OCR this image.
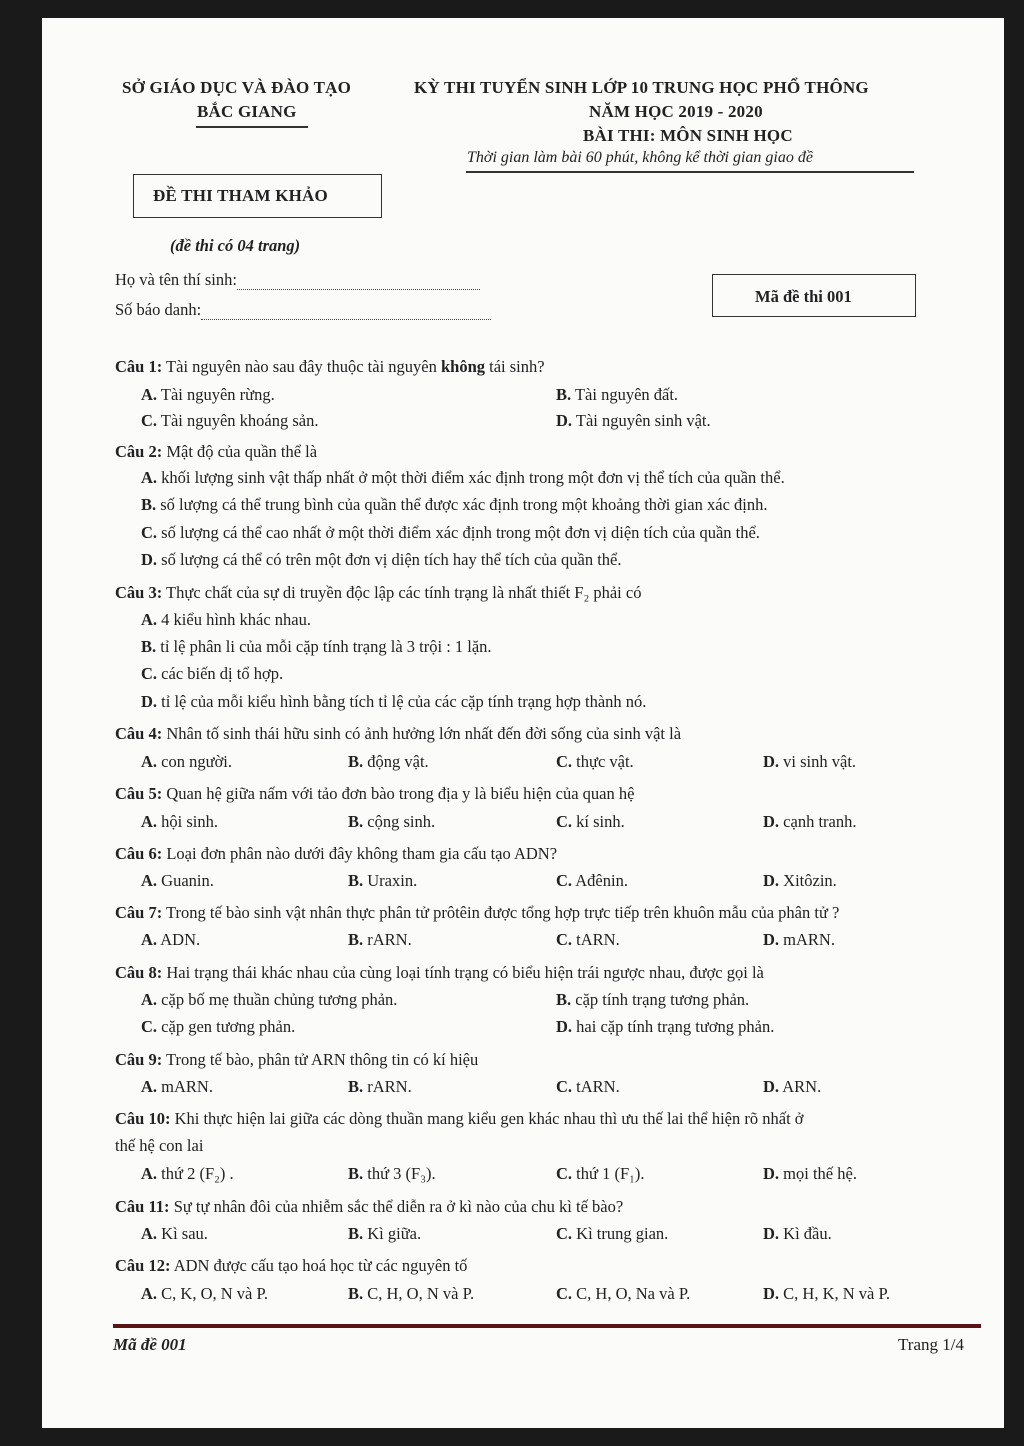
SỞ GIÁO DỤC VÀ ĐÀO TẠO
BẮC GIANG
KỲ THI TUYỂN SINH LỚP 10 TRUNG HỌC PHỔ THÔNG
NĂM HỌC 2019 - 2020
BÀI THI: MÔN SINH HỌC
Thời gian làm bài 60 phút, không kể thời gian giao đề
ĐỀ THI THAM KHẢO
(đề thi có 04 trang)
Họ và tên thí sinh:
Số báo danh:
Mã đề thi 001
Câu 1: Tài nguyên nào sau đây thuộc tài nguyên không tái sinh?
A. Tài nguyên rừng.	B. Tài nguyên đất.
C. Tài nguyên khoáng sản.	D. Tài nguyên sinh vật.
Câu 2: Mật độ của quần thể là
A. khối lượng sinh vật thấp nhất ở một thời điểm xác định trong một đơn vị thể tích của quần thể.
B. số lượng cá thể trung bình của quần thể được xác định trong một khoảng thời gian xác định.
C. số lượng cá thể cao nhất ở một thời điểm xác định trong một đơn vị diện tích của quần thể.
D. số lượng cá thể có trên một đơn vị diện tích hay thể tích của quần thể.
Câu 3: Thực chất của sự di truyền độc lập các tính trạng là nhất thiết F₂ phải có
A. 4 kiểu hình khác nhau.
B. tỉ lệ phân li của mỗi cặp tính trạng là 3 trội : 1 lặn.
C. các biến dị tổ hợp.
D. tỉ lệ của mỗi kiểu hình bằng tích tỉ lệ của các cặp tính trạng hợp thành nó.
Câu 4: Nhân tố sinh thái hữu sinh có ảnh hưởng lớn nhất đến đời sống của sinh vật là
A. con người.	B. động vật.	C. thực vật.	D. vi sinh vật.
Câu 5: Quan hệ giữa nấm với tảo đơn bào trong địa y là biểu hiện của quan hệ
A. hội sinh.	B. cộng sinh.	C. kí sinh.	D. cạnh tranh.
Câu 6: Loại đơn phân nào dưới đây không tham gia cấu tạo ADN?
A. Guanin.	B. Uraxin.	C. Ađênin.	D. Xitôzin.
Câu 7: Trong tế bào sinh vật nhân thực phân tử prôtêin được tổng hợp trực tiếp trên khuôn mẫu của phân tử ?
A. ADN.	B. rARN.	C. tARN.	D. mARN.
Câu 8: Hai trạng thái khác nhau của cùng loại tính trạng có biểu hiện trái ngược nhau, được gọi là
A. cặp bố mẹ thuần chủng tương phản.	B. cặp tính trạng tương phản.
C. cặp gen tương phản.	D. hai cặp tính trạng tương phản.
Câu 9: Trong tế bào, phân tử ARN thông tin có kí hiệu
A. mARN.	B. rARN.	C. tARN.	D. ARN.
Câu 10: Khi thực hiện lai giữa các dòng thuần mang kiểu gen khác nhau thì ưu thế lai thể hiện rõ nhất ở
thế hệ con lai
A. thứ 2 (F₂) .	B. thứ 3 (F₃).	C. thứ 1 (F₁).	D. mọi thế hệ.
Câu 11: Sự tự nhân đôi của nhiễm sắc thể diễn ra ở kì nào của chu kì tế bào?
A. Kì sau.	B. Kì giữa.	C. Kì trung gian.	D. Kì đầu.
Câu 12: ADN được cấu tạo hoá học từ các nguyên tố
A. C, K, O, N và P.	B. C, H, O, N và P.	C. C, H, O, Na và P.	D. C, H, K, N và P.
Mã đề 001	Trang 1/4
